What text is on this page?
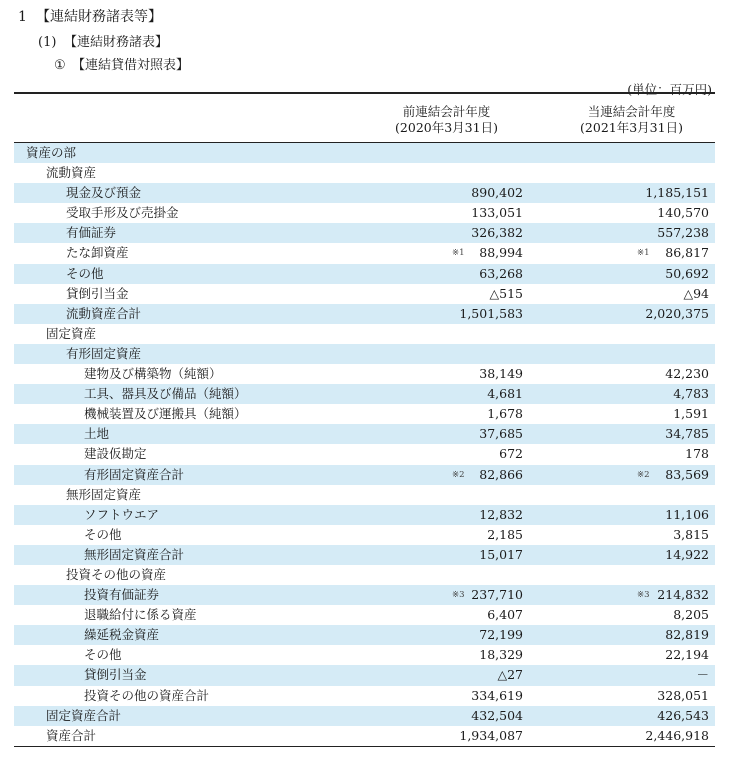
1 【連結財務諸表等】
(1) 【連結財務諸表】
① 【連結貸借対照表】
(単位：百万円)
前連結会計年度
(2020年3月31日)
当連結会計年度
(2021年3月31日)
資産の部
流動資産
現金及び預金	890,402	1,185,151
受取手形及び売掛金	133,051	140,570
有価証券	326,382	557,238
たな卸資産	※1 88,994	※1 86,817
その他	63,268	50,692
貸倒引当金	△515	△94
流動資産合計	1,501,583	2,020,375
固定資産
有形固定資産
建物及び構築物（純額）	38,149	42,230
工具、器具及び備品（純額）	4,681	4,783
機械装置及び運搬具（純額）	1,678	1,591
土地	37,685	34,785
建設仮勘定	672	178
有形固定資産合計	※2 82,866	※2 83,569
無形固定資産
ソフトウエア	12,832	11,106
その他	2,185	3,815
無形固定資産合計	15,017	14,922
投資その他の資産
投資有価証券	※3 237,710	※3 214,832
退職給付に係る資産	6,407	8,205
繰延税金資産	72,199	82,819
その他	18,329	22,194
貸倒引当金	△27	－
投資その他の資産合計	334,619	328,051
固定資産合計	432,504	426,543
資産合計	1,934,087	2,446,918
